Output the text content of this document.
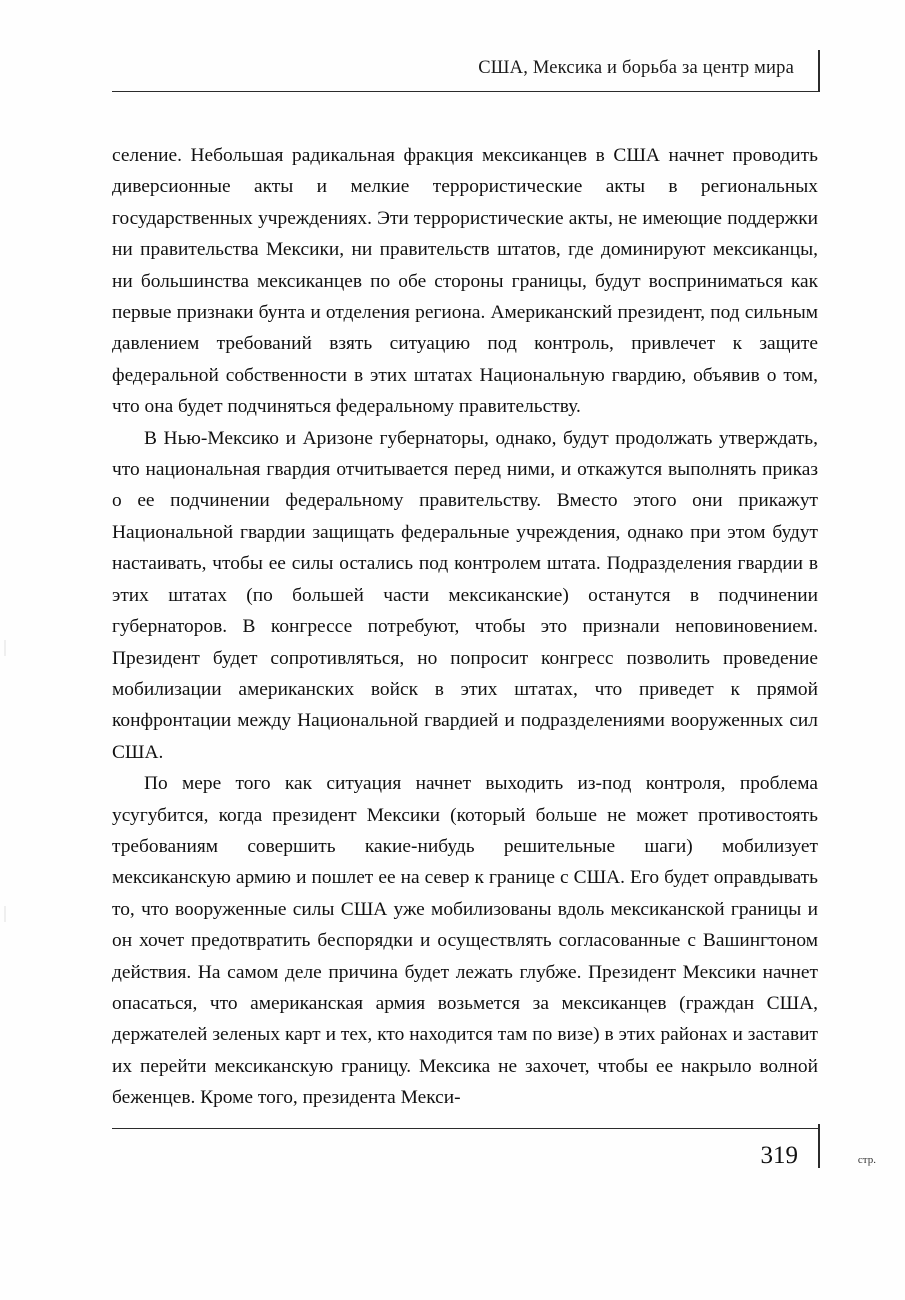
США, Мексика и борьба за центр мира

селение. Небольшая радикальная фракция мексиканцев в США начнет проводить диверсионные акты и мелкие террористические акты в региональных государственных учреждениях. Эти террористические акты, не имеющие поддержки ни правительства Мексики, ни правительств штатов, где доминируют мексиканцы, ни большинства мексиканцев по обе стороны границы, будут восприниматься как первые признаки бунта и отделения региона. Американский президент, под сильным давлением требований взять ситуацию под контроль, привлечет к защите федеральной собственности в этих штатах Национальную гвардию, объявив о том, что она будет подчиняться федеральному правительству.

В Нью-Мексико и Аризоне губернаторы, однако, будут продолжать утверждать, что национальная гвардия отчитывается перед ними, и откажутся выполнять приказ о ее подчинении федеральному правительству. Вместо этого они прикажут Национальной гвардии защищать федеральные учреждения, однако при этом будут настаивать, чтобы ее силы остались под контролем штата. Подразделения гвардии в этих штатах (по большей части мексиканские) останутся в подчинении губернаторов. В конгрессе потребуют, чтобы это признали неповиновением. Президент будет сопротивляться, но попросит конгресс позволить проведение мобилизации американских войск в этих штатах, что приведет к прямой конфронтации между Национальной гвардией и подразделениями вооруженных сил США.

По мере того как ситуация начнет выходить из-под контроля, проблема усугубится, когда президент Мексики (который больше не может противостоять требованиям совершить какие-нибудь решительные шаги) мобилизует мексиканскую армию и пошлет ее на север к границе с США. Его будет оправдывать то, что вооруженные силы США уже мобилизованы вдоль мексиканской границы и он хочет предотвратить беспорядки и осуществлять согласованные с Вашингтоном действия. На самом деле причина будет лежать глубже. Президент Мексики начнет опасаться, что американская армия возьмется за мексиканцев (граждан США, держателей зеленых карт и тех, кто находится там по визе) в этих районах и заставит их перейти мексиканскую границу. Мексика не захочет, чтобы ее накрыло волной беженцев. Кроме того, президента Мекси-

319	стр.
